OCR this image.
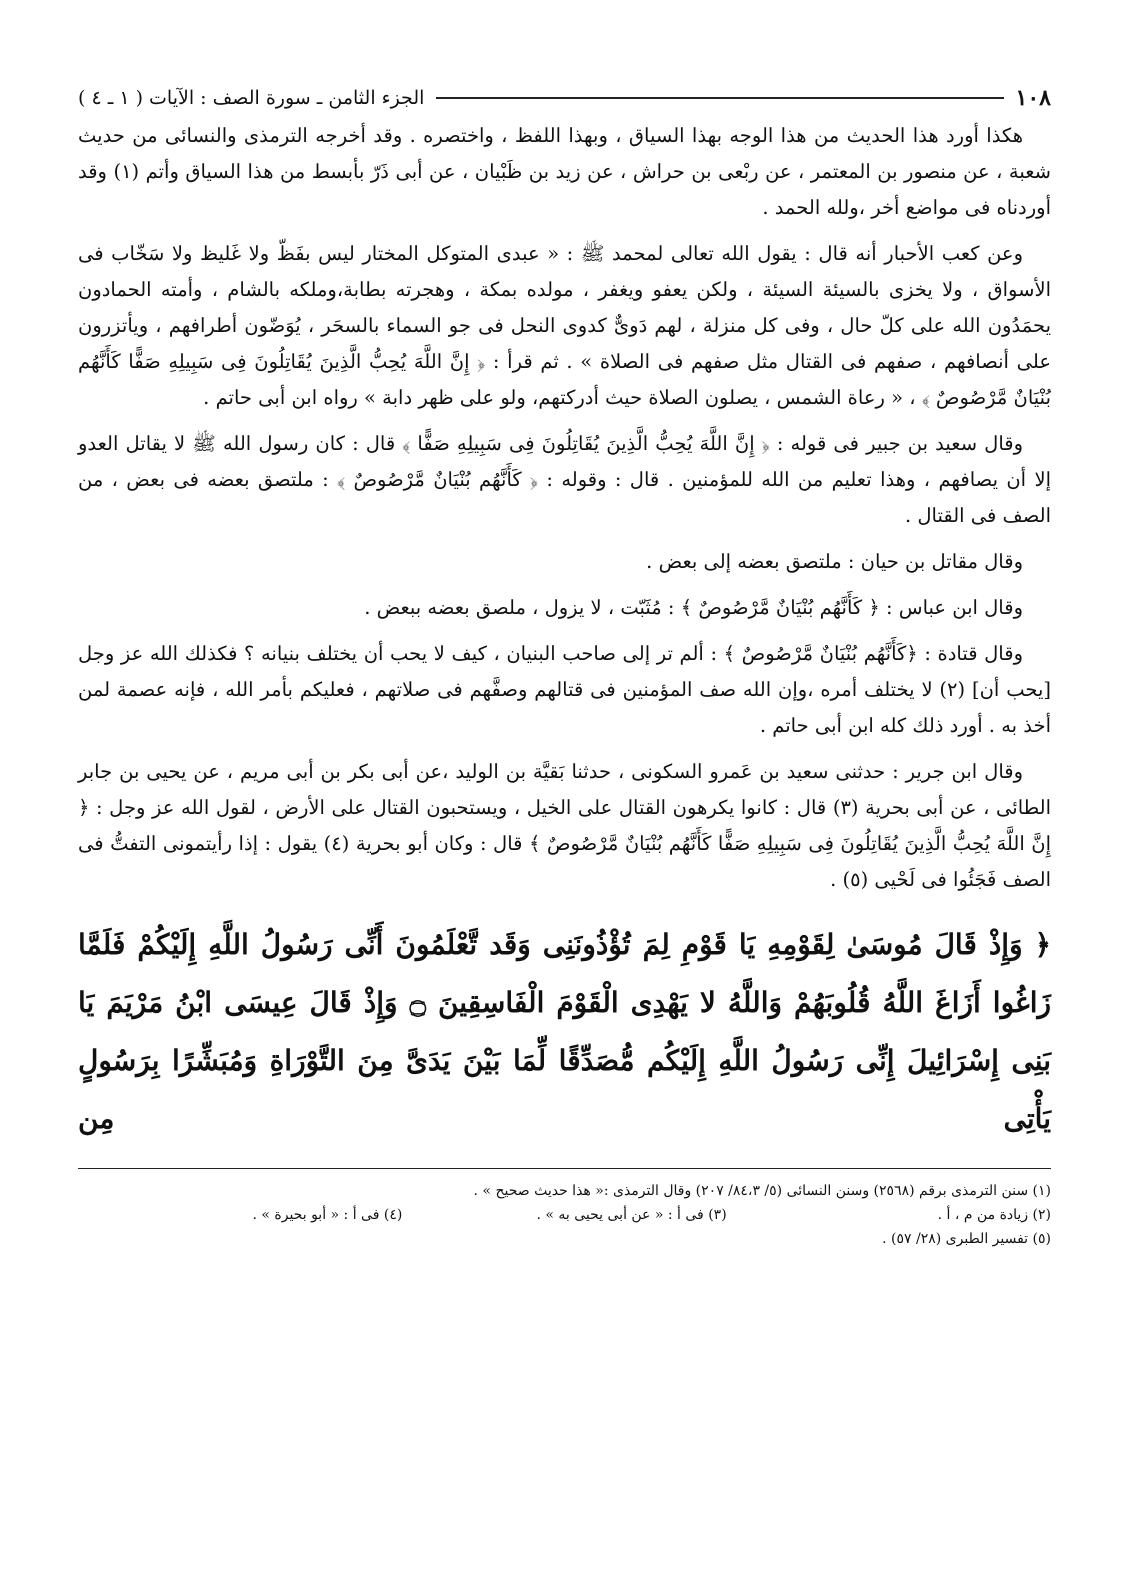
١٠٨
الجزء الثامن ـ سورة الصف : الآيات ( ١ ـ ٤ )

هكذا أورد هذا الحديث من هذا الوجه بهذا السياق ، وبهذا اللفظ ، واختصره . وقد أخرجه الترمذى والنسائى من حديث شعبة ، عن منصور بن المعتمر ، عن ربْعى بن حراش ، عن زيد بن ظَبْيان ، عن أبى ذَرّ بأبسط من هذا السياق وأتم (١) وقد أوردناه فى مواضع أخر ،ولله الحمد .

وعن كعب الأحبار أنه قال : يقول الله تعالى لمحمد ﷺ : « عبدى المتوكل المختار ليس بفَظّ ولا غَليظ ولا سَخّاب فى الأسواق ، ولا يخزى بالسيئة السيئة ، ولكن يعفو ويغفر ، مولده بمكة ، وهجرته بطابة،وملكه بالشام ، وأمته الحمادون يحمَدُون الله على كلّ حال ، وفى كل منزلة ، لهم دَوىٌّ كدوى النحل فى جو السماء بالسحَر ، يُوَضّون أطرافهم ، ويأتزرون على أنصافهم ، صفهم فى القتال مثل صفهم فى الصلاة » . ثم قرأ : ﴿ إِنَّ اللَّهَ يُحِبُّ الَّذِينَ يُقَاتِلُونَ فِى سَبِيلِهِ صَفًّا كَأَنَّهُم بُنْيَانٌ مَّرْصُوصٌ ﴾ ، « رعاة الشمس ، يصلون الصلاة حيث أدركتهم، ولو على ظهر دابة » رواه ابن أبى حاتم .

وقال سعيد بن جبير فى قوله : ﴿ إِنَّ اللَّهَ يُحِبُّ الَّذِينَ يُقَاتِلُونَ فِى سَبِيلِهِ صَفًّا ﴾ قال : كان رسول الله ﷺ لا يقاتل العدو إلا أن يصافهم ، وهذا تعليم من الله للمؤمنين . قال : وقوله : ﴿ كَأَنَّهُم بُنْيَانٌ مَّرْصُوصٌ ﴾ : ملتصق بعضه فى بعض ، من الصف فى القتال .

وقال مقاتل بن حيان : ملتصق بعضه إلى بعض .

وقال ابن عباس : ﴿ كَأَنَّهُم بُنْيَانٌ مَّرْصُوصٌ ﴾ : مُثَبّت ، لا يزول ، ملصق بعضه ببعض .

وقال قتادة : ﴿كَأَنَّهُم بُنْيَانٌ مَّرْصُوصٌ ﴾ : ألم تر إلى صاحب البنيان ، كيف لا يحب أن يختلف بنيانه ؟ فكذلك الله عز وجل [يحب أن] (٢) لا يختلف أمره ،وإن الله صف المؤمنين فى قتالهم وصفَّهم فى صلاتهم ، فعليكم بأمر الله ، فإنه عصمة لمن أخذ به . أورد ذلك كله ابن أبى حاتم .

وقال ابن جرير : حدثنى سعيد بن عَمرو السكونى ، حدثنا بَقيَّة بن الوليد ،عن أبى بكر بن أبى مريم ، عن يحيى بن جابر الطائى ، عن أبى بحرية (٣) قال : كانوا يكرهون القتال على الخيل ، ويستحبون القتال على الأرض ، لقول الله عز وجل : ﴿ إِنَّ اللَّهَ يُحِبُّ الَّذِينَ يُقَاتِلُونَ فِى سَبِيلِهِ صَفًّا كَأَنَّهُم بُنْيَانٌ مَّرْصُوصٌ ﴾ قال : وكان أبو بحرية (٤) يقول : إذا رأيتمونى التفتُّ فى الصف فَجَئُوا فى لَحْيى (٥) .

﴿ وَإِذْ قَالَ مُوسَىٰ لِقَوْمِهِ يَا قَوْمِ لِمَ تُؤْذُونَنِى وَقَد تَّعْلَمُونَ أَنِّى رَسُولُ اللَّهِ إِلَيْكُمْ فَلَمَّا زَاغُوا أَزَاغَ اللَّهُ قُلُوبَهُمْ وَاللَّهُ لا يَهْدِى الْقَوْمَ الْفَاسِقِينَ ۝ وَإِذْ قَالَ عِيسَى ابْنُ مَرْيَمَ يَا بَنِى إِسْرَائِيلَ إِنِّى رَسُولُ اللَّهِ إِلَيْكُم مُّصَدِّقًا لِّمَا بَيْنَ يَدَىَّ مِنَ التَّوْرَاةِ وَمُبَشِّرًا بِرَسُولٍ يَأْتِى مِن

(١) سنن الترمذى برقم (٢٥٦٨) وسنن النسائى (٥/ ٨٤،٣/ ٢٠٧) وقال الترمذى :« هذا حديث صحيح » .
(٢) زيادة من م ، أ .
(٣) فى أ : « عن أبى يحيى به » .
(٤) فى أ : « أبو بحيرة » .
(٥) تفسير الطبرى (٢٨/ ٥٧) .
